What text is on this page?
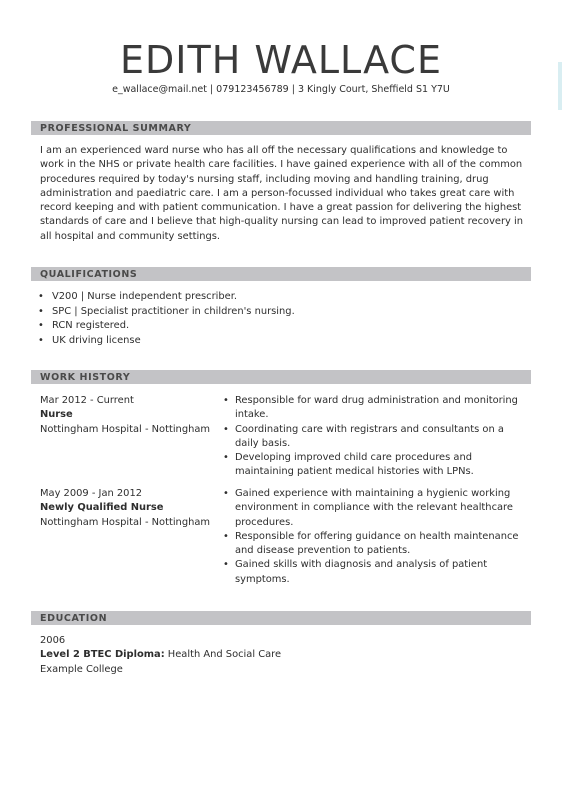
EDITH WALLACE
e_wallace@mail.net | 079123456789 | 3 Kingly Court, Sheffield S1 Y7U
PROFESSIONAL SUMMARY

I am an experienced ward nurse who has all off the necessary qualifications and knowledge to work in the NHS or private health care facilities. I have gained experience with all of the common procedures required by today's nursing staff, including moving and handling training, drug administration and paediatric care. I am a person-focussed individual who takes great care with record keeping and with patient communication. I have a great passion for delivering the highest standards of care and I believe that high-quality nursing can lead to improved patient recovery in all hospital and community settings.

QUALIFICATIONS
• V200 | Nurse independent prescriber.
• SPC | Specialist practitioner in children's nursing.
• RCN registered.
• UK driving license
WORK HISTORY
Mar 2012 - Current
Nurse
Nottingham Hospital - Nottingham
• Responsible for ward drug administration and monitoring intake.
• Coordinating care with registrars and consultants on a daily basis.
• Developing improved child care procedures and maintaining patient medical histories with LPNs.
May 2009 - Jan 2012
Newly Qualified Nurse
Nottingham Hospital - Nottingham
• Gained experience with maintaining a hygienic working environment in compliance with the relevant healthcare procedures.
• Responsible for offering guidance on health maintenance and disease prevention to patients.
• Gained skills with diagnosis and analysis of patient symptoms.
EDUCATION
2006
Level 2 BTEC Diploma: Health And Social Care
Example College
